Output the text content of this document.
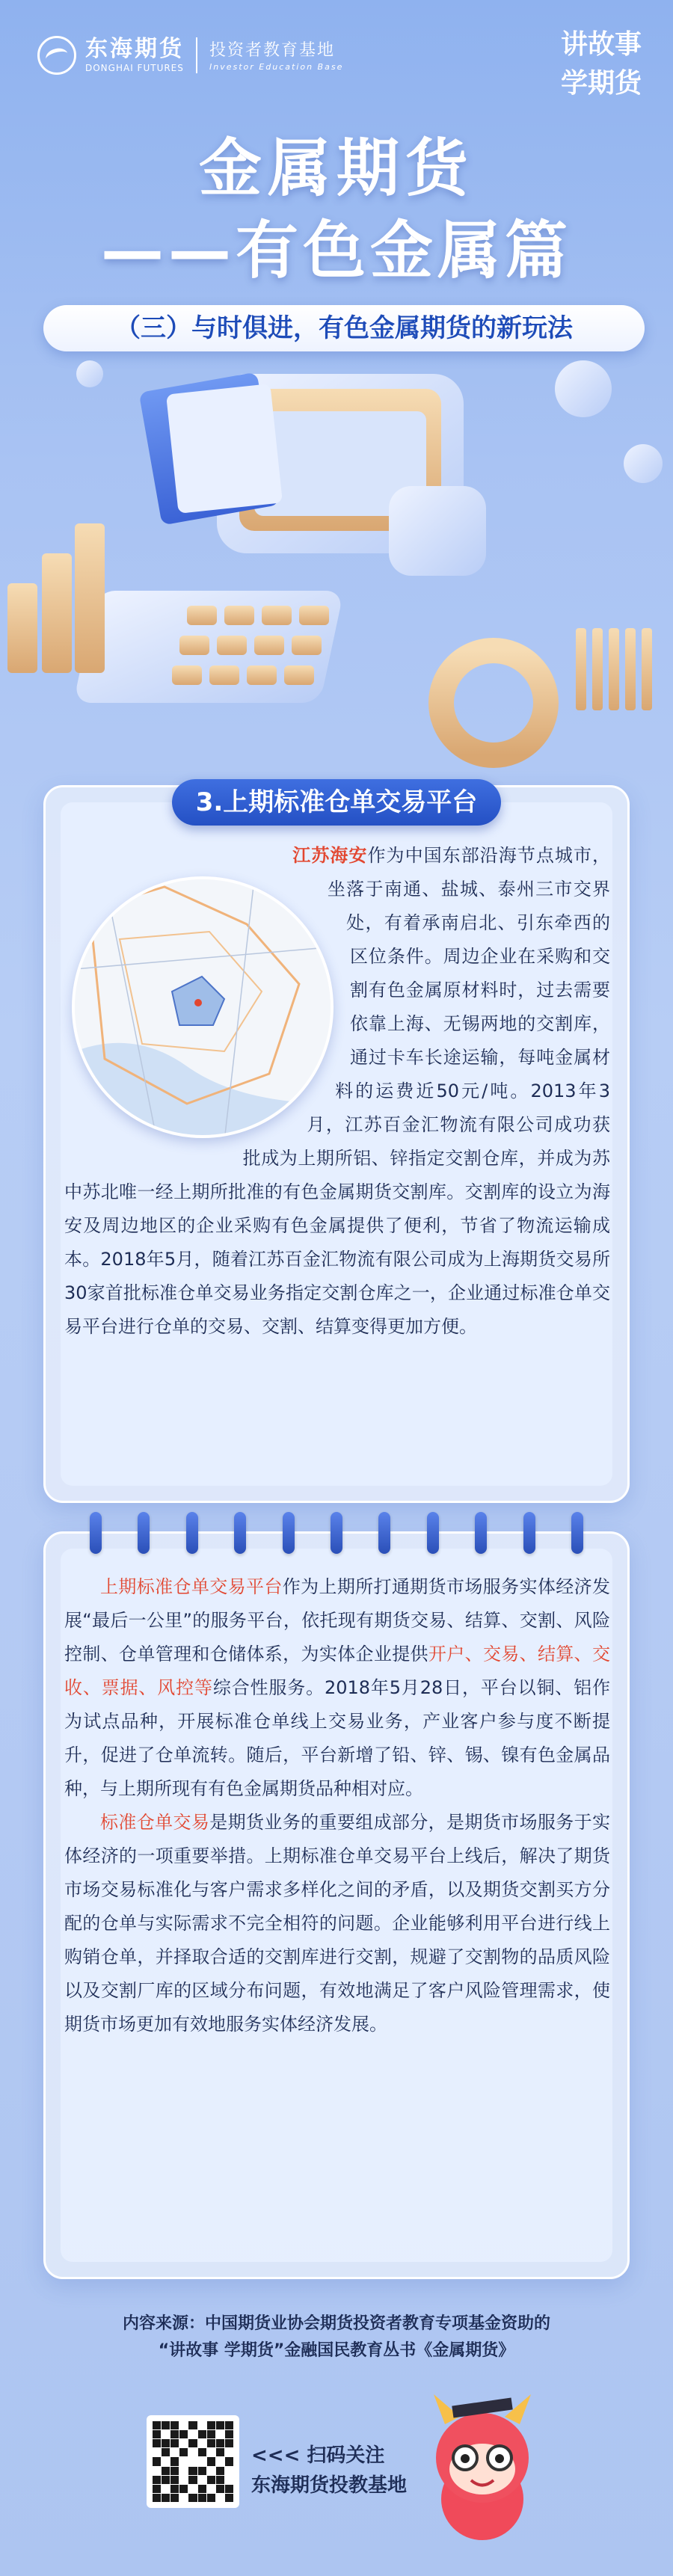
东海期货
DONGHAI FUTURES
投资者教育基地
Investor Education Base
讲故事
学期货
金属期货
——有色金属篇
（三）与时俱进，有色金属期货的新玩法
3.上期标准仓单交易平台
江苏海安作为中国东部沿海节点城市，坐落于南通、盐城、泰州三市交界处，有着承南启北、引东牵西的区位条件。周边企业在采购和交割有色金属原材料时，过去需要依靠上海、无锡两地的交割库，通过卡车长途运输，每吨金属材料的运费近50元/吨。2013年3月，江苏百金汇物流有限公司成功获批成为上期所铝、锌指定交割仓库，并成为苏中苏北唯一经上期所批准的有色金属期货交割库。交割库的设立为海安及周边地区的企业采购有色金属提供了便利，节省了物流运输成本。2018年5月，随着江苏百金汇物流有限公司成为上海期货交易所30家首批标准仓单交易业务指定交割仓库之一，企业通过标准仓单交易平台进行仓单的交易、交割、结算变得更加方便。

上期标准仓单交易平台作为上期所打通期货市场服务实体经济发展“最后一公里”的服务平台，依托现有期货交易、结算、交割、风险控制、仓单管理和仓储体系，为实体企业提供开户、交易、结算、交收、票据、风控等综合性服务。2018年5月28日，平台以铜、铝作为试点品种，开展标准仓单线上交易业务，产业客户参与度不断提升，促进了仓单流转。随后，平台新增了铅、锌、锡、镍有色金属品种，与上期所现有有色金属期货品种相对应。

标准仓单交易是期货业务的重要组成部分，是期货市场服务于实体经济的一项重要举措。上期标准仓单交易平台上线后，解决了期货市场交易标准化与客户需求多样化之间的矛盾，以及期货交割买方分配的仓单与实际需求不完全相符的问题。企业能够利用平台进行线上购销仓单，并择取合适的交割库进行交割，规避了交割物的品质风险以及交割厂库的区域分布问题，有效地满足了客户风险管理需求，使期货市场更加有效地服务实体经济发展。

内容来源：中国期货业协会期货投资者教育专项基金资助的
“讲故事 学期货”金融国民教育丛书《金属期货》
<<< 扫码关注
东海期货投教基地
